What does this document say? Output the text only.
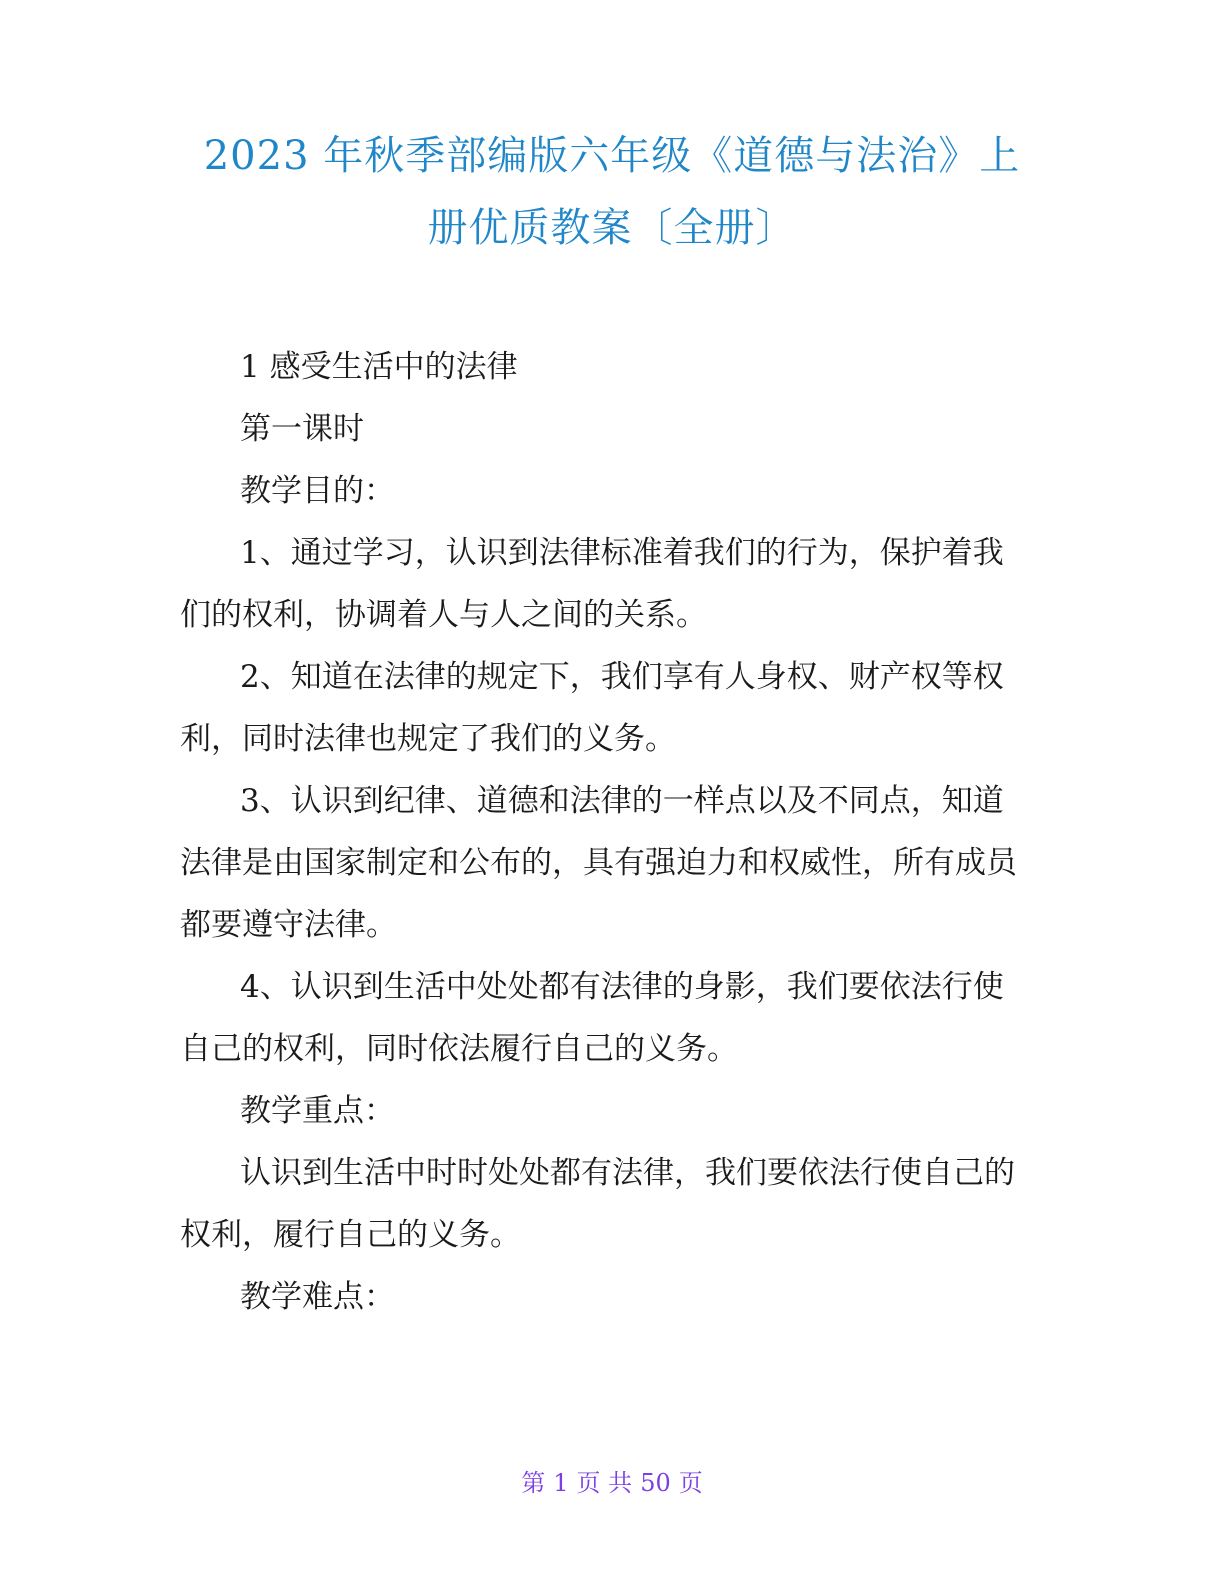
2023 年秋季部编版六年级《道德与法治》上
册优质教案〔全册〕

1 感受生活中的法律

第一课时

教学目的：

1、通过学习，认识到法律标准着我们的行为，保护着我

们的权利，协调着人与人之间的关系。

2、知道在法律的规定下，我们享有人身权、财产权等权

利，同时法律也规定了我们的义务。

3、认识到纪律、道德和法律的一样点以及不同点，知道

法律是由国家制定和公布的，具有强迫力和权威性，所有成员

都要遵守法律。

4、认识到生活中处处都有法律的身影，我们要依法行使

自己的权利，同时依法履行自己的义务。

教学重点：

认识到生活中时时处处都有法律，我们要依法行使自己的

权利，履行自己的义务。

教学难点：

第 1 页 共 50 页
